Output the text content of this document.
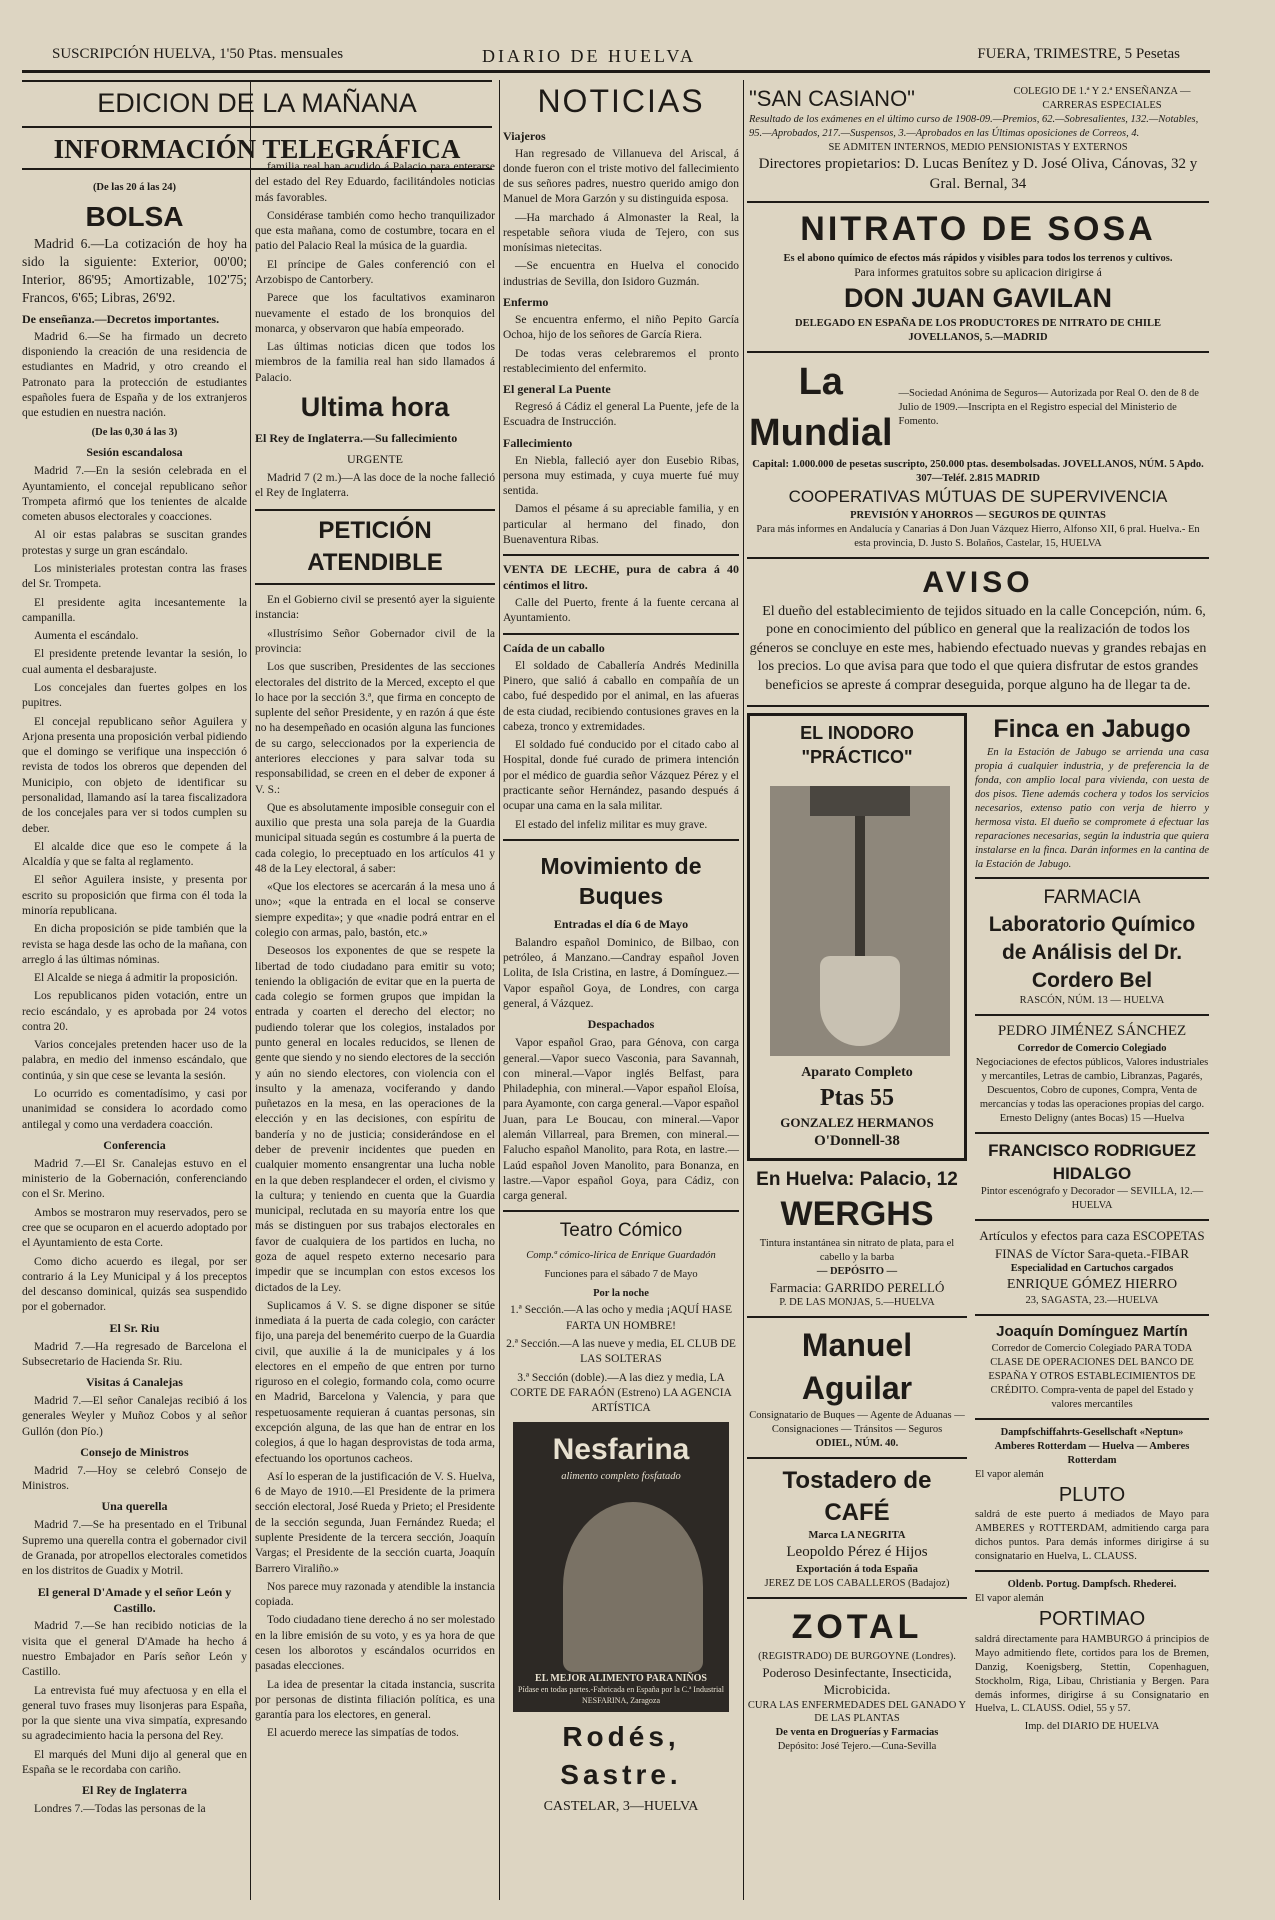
SUSCRIPCIÓN HUELVA, 1'50 Ptas. mensuales	DIARIO DE HUELVA	FUERA, TRIMESTRE, 5 Pesetas
EDICION DE LA MAÑANA
INFORMACIÓN TELEGRÁFICA
(De las 20 á las 24)
BOLSA

Madrid 6.—La cotización de hoy ha sido la siguiente: Exterior, 00'00; Interior, 86'95; Amortizable, 102'75; Francos, 6'65; Libras, 26'92.

De enseñanza.—Decretos importantes.

Madrid 6.—Se ha firmado un decreto disponiendo la creación de una residencia de estudiantes en Madrid, y otro creando el Patronato para la protección de estudiantes españoles fuera de España y de los extranjeros que estudien en nuestra nación.

(De las 0,30 á las 3)
Sesión escandalosa

Madrid 7.—En la sesión celebrada en el Ayuntamiento, el concejal republicano señor Trompeta afirmó que los tenientes de alcalde cometen abusos electorales y coacciones.

Al oir estas palabras se suscitan grandes protestas y surge un gran escándalo.

Los ministeriales protestan contra las frases del Sr. Trompeta.

El presidente agita incesantemente la campanilla.

Aumenta el escándalo.

El presidente pretende levantar la sesión, lo cual aumenta el desbarajuste.

Los concejales dan fuertes golpes en los pupitres.

El concejal republicano señor Aguilera y Arjona presenta una proposición verbal pidiendo que el domingo se verifique una inspección ó revista de todos los obreros que dependen del Municipio, con objeto de identificar su personalidad, llamando así la tarea fiscalizadora de los concejales para ver si todos cumplen su deber.

El alcalde dice que eso le compete á la Alcaldía y que se falta al reglamento.

El señor Aguilera insiste, y presenta por escrito su proposición que firma con él toda la minoría republicana.

En dicha proposición se pide también que la revista se haga desde las ocho de la mañana, con arreglo á las últimas nóminas.

El Alcalde se niega á admitir la proposición.

Los republicanos piden votación, entre un recio escándalo, y es aprobada por 24 votos contra 20.

Varios concejales pretenden hacer uso de la palabra, en medio del inmenso escándalo, que continúa, y sin que cese se levanta la sesión.

Lo ocurrido es comentadísimo, y casi por unanimidad se considera lo acordado como antilegal y como una verdadera coacción.

Conferencia

Madrid 7.—El Sr. Canalejas estuvo en el ministerio de la Gobernación, conferenciando con el Sr. Merino.

Ambos se mostraron muy reservados, pero se cree que se ocuparon en el acuerdo adoptado por el Ayuntamiento de esta Corte.

Como dicho acuerdo es ilegal, por ser contrario á la Ley Municipal y á los preceptos del descanso dominical, quizás sea suspendido por el gobernador.

El Sr. Riu

Madrid 7.—Ha regresado de Barcelona el Subsecretario de Hacienda Sr. Riu.

Visitas á Canalejas

Madrid 7.—El señor Canalejas recibió á los generales Weyler y Muñoz Cobos y al señor Gullón (don Pío.)

Consejo de Ministros

Madrid 7.—Hoy se celebró Consejo de Ministros.

Una querella

Madrid 7.—Se ha presentado en el Tribunal Supremo una querella contra el gobernador civil de Granada, por atropellos electorales cometidos en los distritos de Guadix y Motril.

El general D'Amade y el señor León y Castillo.

Madrid 7.—Se han recibido noticias de la visita que el general D'Amade ha hecho á nuestro Embajador en París señor León y Castillo.

La entrevista fué muy afectuosa y en ella el general tuvo frases muy lisonjeras para España, por la que siente una viva simpatía, expresando su agradecimiento hacia la persona del Rey.

El marqués del Muni dijo al general que en España se le recordaba con cariño.

El Rey de Inglaterra

Londres 7.—Todas las personas de la

familia real han acudido á Palacio para enterarse del estado del Rey Eduardo, facilitándoles noticias más favorables.

Considérase también como hecho tranquilizador que esta mañana, como de costumbre, tocara en el patio del Palacio Real la música de la guardia.

El príncipe de Gales conferenció con el Arzobispo de Cantorbery.

Parece que los facultativos examinaron nuevamente el estado de los bronquios del monarca, y observaron que había empeorado.

Las últimas noticias dicen que todos los miembros de la familia real han sido llamados á Palacio.

Ultima hora
El Rey de Inglaterra.—Su fallecimiento
URGENTE

Madrid 7 (2 m.)—A las doce de la noche falleció el Rey de Inglaterra.

PETICIÓN ATENDIBLE

En el Gobierno civil se presentó ayer la siguiente instancia:

«Ilustrísimo Señor Gobernador civil de la provincia:

Los que suscriben, Presidentes de las secciones electorales del distrito de la Merced, excepto el que lo hace por la sección 3.ª, que firma en concepto de suplente del señor Presidente, y en razón á que éste no ha desempeñado en ocasión alguna las funciones de su cargo, seleccionados por la experiencia de anteriores elecciones y para salvar toda su responsabilidad, se creen en el deber de exponer á V. S.:

Que es absolutamente imposible conseguir con el auxilio que presta una sola pareja de la Guardia municipal situada según es costumbre á la puerta de cada colegio, lo preceptuado en los artículos 41 y 48 de la Ley electoral, á saber:

«Que los electores se acercarán á la mesa uno á uno»; «que la entrada en el local se conserve siempre expedita»; y que «nadie podrá entrar en el colegio con armas, palo, bastón, etc.»

Deseosos los exponentes de que se respete la libertad de todo ciudadano para emitir su voto; teniendo la obligación de evitar que en la puerta de cada colegio se formen grupos que impidan la entrada y coarten el derecho del elector; no pudiendo tolerar que los colegios, instalados por punto general en locales reducidos, se llenen de gente que siendo y no siendo electores de la sección y aún no siendo electores, con violencia con el insulto y la amenaza, vociferando y dando puñetazos en la mesa, en las operaciones de la elección y en las decisiones, con espíritu de bandería y no de justicia; considerándose en el deber de prevenir incidentes que pueden en cualquier momento ensangrentar una lucha noble en la que deben resplandecer el orden, el civismo y la cultura; y teniendo en cuenta que la Guardia municipal, reclutada en su mayoría entre los que más se distinguen por sus trabajos electorales en favor de cualquiera de los partidos en lucha, no goza de aquel respeto externo necesario para impedir que se incumplan con estos excesos los dictados de la Ley.

Suplicamos á V. S. se digne disponer se sitúe inmediata á la puerta de cada colegio, con carácter fijo, una pareja del benemérito cuerpo de la Guardia civil, que auxilie á la de municipales y á los electores en el empeño de que entren por turno riguroso en el colegio, formando cola, como ocurre en Madrid, Barcelona y Valencia, y para que respetuosamente requieran á cuantas personas, sin excepción alguna, de las que han de entrar en los colegios, á que lo hagan desprovistas de toda arma, efectuando los oportunos cacheos.

Así lo esperan de la justificación de V. S. Huelva, 6 de Mayo de 1910.—El Presidente de la primera sección electoral, José Rueda y Prieto; el Presidente de la sección segunda, Juan Fernández Rueda; el suplente Presidente de la tercera sección, Joaquín Vargas; el Presidente de la sección cuarta, Joaquín Barrero Viraliño.»

Nos parece muy razonada y atendible la instancia copiada.

Todo ciudadano tiene derecho á no ser molestado en la libre emisión de su voto, y es ya hora de que cesen los alborotos y escándalos ocurridos en pasadas elecciones.

La idea de presentar la citada instancia, suscrita por personas de distinta filiación política, es una garantía para los electores, en general.

El acuerdo merece las simpatías de todos.

NOTICIAS
Viajeros

Han regresado de Villanueva del Ariscal, á donde fueron con el triste motivo del fallecimiento de sus señores padres, nuestro querido amigo don Manuel de Mora Garzón y su distinguida esposa.

—Ha marchado á Almonaster la Real, la respetable señora viuda de Tejero, con sus monísimas nietecitas.

—Se encuentra en Huelva el conocido industrias de Sevilla, don Isidoro Guzmán.

Enfermo

Se encuentra enfermo, el niño Pepito García Ochoa, hijo de los señores de García Riera.

De todas veras celebraremos el pronto restablecimiento del enfermito.

El general La Puente

Regresó á Cádiz el general La Puente, jefe de la Escuadra de Instrucción.

Fallecimiento

En Niebla, falleció ayer don Eusebio Ribas, persona muy estimada, y cuya muerte fué muy sentida.

Damos el pésame á su apreciable familia, y en particular al hermano del finado, don Buenaventura Ribas.

VENTA DE LECHE, pura de cabra á 40 céntimos el litro.

Calle del Puerto, frente á la fuente cercana al Ayuntamiento.

Caída de un caballo

El soldado de Caballería Andrés Medinilla Pinero, que salió á caballo en compañía de un cabo, fué despedido por el animal, en las afueras de esta ciudad, recibiendo contusiones graves en la cabeza, tronco y extremidades.

El soldado fué conducido por el citado cabo al Hospital, donde fué curado de primera intención por el médico de guardia señor Vázquez Pérez y el practicante señor Hernández, pasando después á ocupar una cama en la sala militar.

El estado del infeliz militar es muy grave.

Movimiento de Buques
Entradas el día 6 de Mayo

Balandro español Dominico, de Bilbao, con petróleo, á Manzano.—Candray español Joven Lolita, de Isla Cristina, en lastre, á Domínguez.—Vapor español Goya, de Londres, con carga general, á Vázquez.

Despachados

Vapor español Grao, para Génova, con carga general.—Vapor sueco Vasconia, para Savannah, con mineral.—Vapor inglés Belfast, para Philadephia, con mineral.—Vapor español Eloísa, para Ayamonte, con carga general.—Vapor español Juan, para Le Boucau, con mineral.—Vapor alemán Villarreal, para Bremen, con mineral.—Falucho español Manolito, para Rota, en lastre.—Laúd español Joven Manolito, para Bonanza, en lastre.—Vapor español Goya, para Cádiz, con carga general.

Teatro Cómico
Comp.ª cómico-lírica de Enrique Guardadón
Funciones para el sábado 7 de Mayo
Por la noche

1.ª Sección.—A las ocho y media ¡AQUÍ HASE FARTA UN HOMBRE!

2.ª Sección.—A las nueve y media, EL CLUB DE LAS SOLTERAS

3.ª Sección (doble).—A las diez y media, LA CORTE DE FARAÓN (Estreno) LA AGENCIA ARTÍSTICA

Nesfarina
alimento completo fosfatado
EL MEJOR ALIMENTO PARA NIÑOS
Pídase en todas partes.-Fabricada en España por la C.ª Industrial NESFARINA, Zaragoza
Rodés, Sastre.
CASTELAR, 3—HUELVA
"SAN CASIANO"	COLEGIO DE 1.ª Y 2.ª ENSEÑANZA — CARRERAS ESPECIALES
Resultado de los exámenes en el último curso de 1908-09.—Premios, 62.—Sobresalientes, 132.—Notables, 95.—Aprobados, 217.—Suspensos, 3.—Aprobados en las Últimas oposiciones de Correos, 4.
SE ADMITEN INTERNOS, MEDIO PENSIONISTAS Y EXTERNOS
Directores propietarios: D. Lucas Benítez y D. José Oliva, Cánovas, 32 y Gral. Bernal, 34
NITRATO DE SOSA
Es el abono químico de efectos más rápidos y visibles para todos los terrenos y cultivos.
Para informes gratuitos sobre su aplicacion dirigirse á
DON JUAN GAVILAN
DELEGADO EN ESPAÑA DE LOS PRODUCTORES DE NITRATO DE CHILE
JOVELLANOS, 5.—MADRID
La Mundial
—Sociedad Anónima de Seguros— Autorizada por Real O. den de 8 de Julio de 1909.—Inscripta en el Registro especial del Ministerio de Fomento.
Capital: 1.000.000 de pesetas suscripto, 250.000 ptas. desembolsadas. JOVELLANOS, NÚM. 5 Apdo. 307—Teléf. 2.815 MADRID
COOPERATIVAS MÚTUAS DE SUPERVIVENCIA
PREVISIÓN Y AHORROS — SEGUROS DE QUINTAS
Para más informes en Andalucía y Canarias á Don Juan Vázquez Hierro, Alfonso XII, 6 pral. Huelva.- En esta provincia, D. Justo S. Bolaños, Castelar, 15, HUELVA
AVISO

El dueño del establecimiento de tejidos situado en la calle Concepción, núm. 6, pone en conocimiento del público en general que la realización de todos los géneros se concluye en este mes, habiendo efectuado nuevas y grandes rebajas en los precios. Lo que avisa para que todo el que quiera disfrutar de estos grandes beneficios se apreste á comprar deseguida, porque alguno ha de llegar ta de.

EL INODORO "PRÁCTICO"
Aparato Completo
Ptas 55
GONZALEZ HERMANOS
O'Donnell-38
En Huelva: Palacio, 12
WERGHS
Tintura instantánea sin nitrato de plata, para el cabello y la barba
— DEPÓSITO —
Farmacia: GARRIDO PERELLÓ
P. DE LAS MONJAS, 5.—HUELVA
Manuel Aguilar
Consignatario de Buques — Agente de Aduanas — Consignaciones — Tránsitos — Seguros
ODIEL, NÚM. 40.
Tostadero de CAFÉ
Marca LA NEGRITA
Leopoldo Pérez é Hijos
Exportación á toda España
JEREZ DE LOS CABALLEROS (Badajoz)
ZOTAL
(REGISTRADO) DE BURGOYNE (Londres).
Poderoso Desinfectante, Insecticida, Microbicida.
CURA LAS ENFERMEDADES DEL GANADO Y DE LAS PLANTAS
De venta en Droguerías y Farmacias
Depósito: José Tejero.—Cuna-Sevilla
Finca en Jabugo

En la Estación de Jabugo se arrienda una casa propia á cualquier industria, y de preferencia la de fonda, con amplio local para vivienda, con uesta de dos pisos. Tiene además cochera y todos los servicios necesarios, extenso patio con verja de hierro y hermosa vista. El dueño se compromete á efectuar las reparaciones necesarias, según la industria que quiera instalarse en la finca. Darán informes en la cantina de la Estación de Jabugo.

FARMACIA
Laboratorio Químico de Análisis del Dr. Cordero Bel
RASCÓN, NÚM. 13 — HUELVA
PEDRO JIMÉNEZ SÁNCHEZ
Corredor de Comercio Colegiado
Negociaciones de efectos públicos, Valores industriales y mercantiles, Letras de cambio, Libranzas, Pagarés, Descuentos, Cobro de cupones, Compra, Venta de mercancías y todas las operaciones propias del cargo. Ernesto Deligny (antes Bocas) 15 —Huelva
FRANCISCO RODRIGUEZ HIDALGO
Pintor escenógrafo y Decorador — SEVILLA, 12.—HUELVA
Artículos y efectos para caza ESCOPETAS FINAS de Víctor Sara-queta.-FIBAR
Especialidad en Cartuchos cargados
ENRIQUE GÓMEZ HIERRO
23, SAGASTA, 23.—HUELVA
Joaquín Domínguez Martín
Corredor de Comercio Colegiado PARA TODA CLASE DE OPERACIONES DEL BANCO DE ESPAÑA Y OTROS ESTABLECIMIENTOS DE CRÉDITO. Compra-venta de papel del Estado y valores mercantiles
Dampfschiffahrts-Gesellschaft «Neptun»
Amberes Rotterdam — Huelva — Amberes Rotterdam
El vapor alemán
PLUTO
saldrá de este puerto á mediados de Mayo para AMBERES y ROTTERDAM, admitiendo carga para dichos puntos. Para demás informes dirigirse á su consignatario en Huelva, L. CLAUSS.
Oldenb. Portug. Dampfsch. Rhederei.
El vapor alemán
PORTIMAO
saldrá directamente para HAMBURGO á principios de Mayo admitiendo flete, cortidos para los de Bremen, Danzig, Koenigsberg, Stettin, Copenhaguen, Stockholm, Riga, Libau, Christiania y Bergen. Para demás informes, dirigirse á su Consignatario en Huelva, L. CLAUSS. Odiel, 55 y 57.
Imp. del DIARIO DE HUELVA
